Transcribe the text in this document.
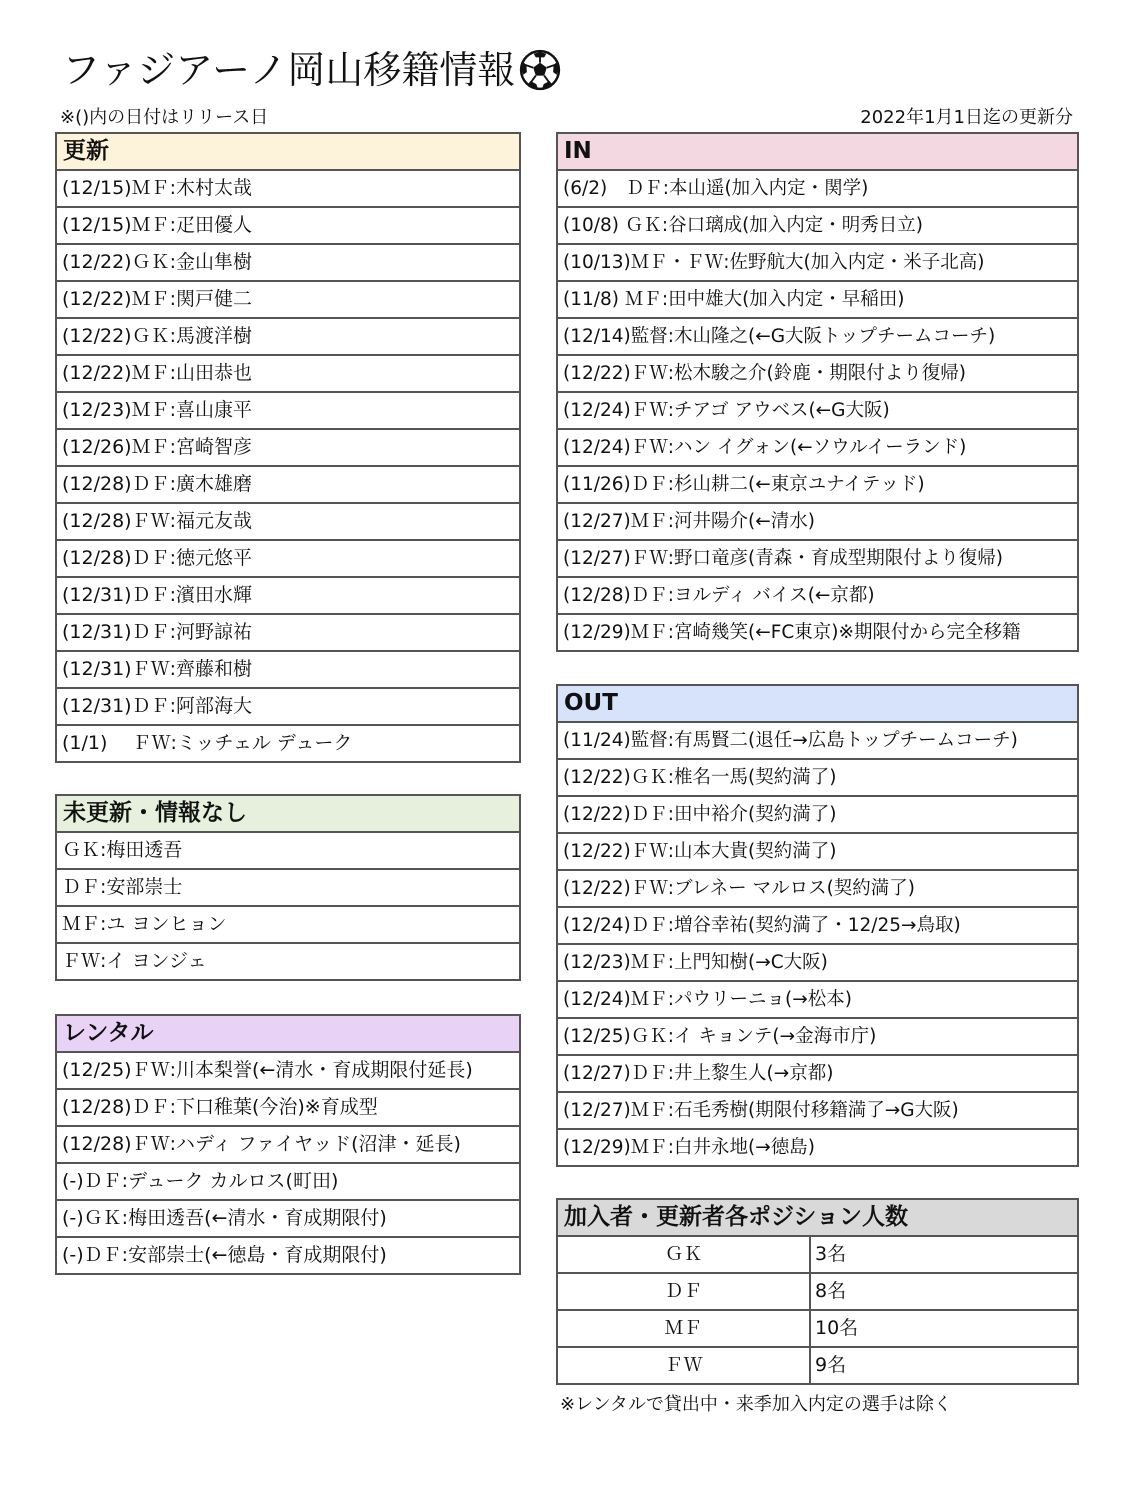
ファジアーノ岡山移籍情報
※()内の日付はリリース日	2022年1月1日迄の更新分
更新
(12/15)ＭＦ:木村太哉
(12/15)ＭＦ:疋田優人
(12/22)ＧＫ:金山隼樹
(12/22)ＭＦ:関戸健二
(12/22)ＧＫ:馬渡洋樹
(12/22)ＭＦ:山田恭也
(12/23)ＭＦ:喜山康平
(12/26)ＭＦ:宮崎智彦
(12/28)ＤＦ:廣木雄磨
(12/28)ＦＷ:福元友哉
(12/28)ＤＦ:徳元悠平
(12/31)ＤＦ:濱田水輝
(12/31)ＤＦ:河野諒祐
(12/31)ＦＷ:齊藤和樹
(12/31)ＤＦ:阿部海大
(1/1)　 ＦＷ:ミッチェル デューク
未更新・情報なし
ＧＫ:梅田透吾
ＤＦ:安部崇士
ＭＦ:ユ ヨンヒョン
ＦＷ:イ ヨンジェ
レンタル
(12/25)ＦＷ:川本梨誉(←清水・育成期限付延長)
(12/28)ＤＦ:下口稚葉(今治)※育成型
(12/28)ＦＷ:ハディ ファイヤッド(沼津・延長)
(-)ＤＦ:デューク カルロス(町田)
(-)ＧＫ:梅田透吾(←清水・育成期限付)
(-)ＤＦ:安部崇士(←徳島・育成期限付)
IN
(6/2)　ＤＦ:本山遥(加入内定・関学)
(10/8) ＧＫ:谷口璃成(加入内定・明秀日立)
(10/13)ＭＦ・ＦＷ:佐野航大(加入内定・米子北高)
(11/8) ＭＦ:田中雄大(加入内定・早稲田)
(12/14)監督:木山隆之(←G大阪トップチームコーチ)
(12/22)ＦＷ:松木駿之介(鈴鹿・期限付より復帰)
(12/24)ＦＷ:チアゴ アウベス(←G大阪)
(12/24)ＦＷ:ハン イグォン(←ソウルイーランド)
(11/26)ＤＦ:杉山耕二(←東京ユナイテッド)
(12/27)ＭＦ:河井陽介(←清水)
(12/27)ＦＷ:野口竜彦(青森・育成型期限付より復帰)
(12/28)ＤＦ:ヨルディ バイス(←京都)
(12/29)ＭＦ:宮崎幾笑(←FC東京)※期限付から完全移籍
OUT
(11/24)監督:有馬賢二(退任→広島トップチームコーチ)
(12/22)ＧＫ:椎名一馬(契約満了)
(12/22)ＤＦ:田中裕介(契約満了)
(12/22)ＦＷ:山本大貴(契約満了)
(12/22)ＦＷ:ブレネー マルロス(契約満了)
(12/24)ＤＦ:増谷幸祐(契約満了・12/25→鳥取)
(12/23)ＭＦ:上門知樹(→C大阪)
(12/24)ＭＦ:パウリーニョ(→松本)
(12/25)ＧＫ:イ キョンテ(→金海市庁)
(12/27)ＤＦ:井上黎生人(→京都)
(12/27)ＭＦ:石毛秀樹(期限付移籍満了→G大阪)
(12/29)ＭＦ:白井永地(→徳島)
加入者・更新者各ポジション人数
ＧＫ	3名
ＤＦ	8名
ＭＦ	10名
ＦＷ	9名
※レンタルで貸出中・来季加入内定の選手は除く
